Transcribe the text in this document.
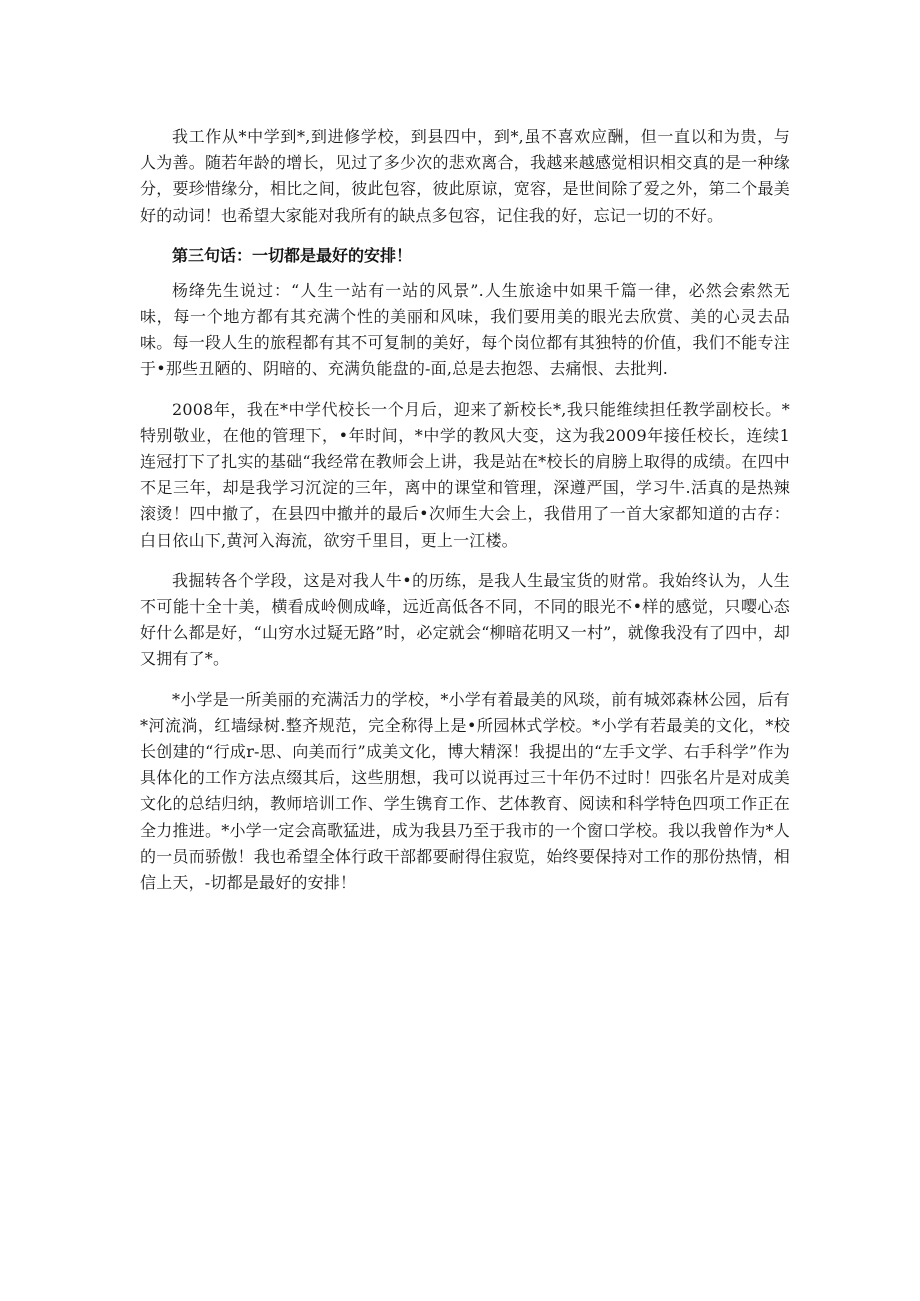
我工作从*中学到*,到进修学校，到县四中，到*,虽不喜欢应酬，但一直以和为贵，与人为善。随若年龄的增长，见过了多少次的悲欢离合，我越来越感觉相识相交真的是一种缘分，要珍惜缘分，相比之间，彼此包容，彼此原谅，宽容，是世间除了爱之外，第二个最美好的动词！也希望大家能对我所有的缺点多包容，记住我的好，忘记一切的不好。

第三句话：一切都是最好的安排！

杨绛先生说过：“人生一站有一站的风景”.人生旅途中如果千篇一律，必然会索然无味，每一个地方都有其充满个性的美丽和风味，我们要用美的眼光去欣赏、美的心灵去品味。每一段人生的旅程都有其不可复制的美好，每个岗位都有其独特的价值，我们不能专注于•那些丑陋的、阴暗的、充满负能盘的-面,总是去抱怨、去痛恨、去批判.

2008年，我在*中学代校长一个月后，迎来了新校长*,我只能维续担任教学副校长。*特别敬业，在他的管理下，•年时间，*中学的教风大变，这为我2009年接任校长，连续1连冠打下了扎实的基础“我经常在教师会上讲，我是站在*校长的肩膀上取得的成绩。在四中不足三年，却是我学习沉淀的三年，离中的课堂和管理，深遵严国，学习牛.活真的是热辣滚烫！四中撤了，在县四中撤并的最后•次师生大会上，我借用了一首大家都知道的古存：白日依山下,黄河入海流，欲穷千里目，更上一江楼。

我掘转各个学段，这是对我人牛•的历练，是我人生最宝货的财常。我始终认为，人生不可能十全十美，横看成岭侧成峰，远近高低各不同，不同的眼光不•样的感觉，只嘤心态好什么都是好，“山穷水过疑无路”时，必定就会“柳暗花明又一村”，就像我没有了四中，却又拥有了*。

*小学是一所美丽的充满活力的学校，*小学有着最美的风琰，前有城郊森林公园，后有*河流淌，红墙绿树.整齐规范，完全称得上是•所园林式学校。*小学有若最美的文化，*校长创建的“行成r-思、向美而行”成美文化，博大精深！我提出的“左手文学、右手科学”作为具体化的工作方法点缀其后，这些朋想，我可以说再过三十年仍不过时！四张名片是对成美文化的总结归纳，教师培训工作、学生镌育工作、艺体教育、阅读和科学特色四项工作正在全力推进。*小学一定会高歌猛进，成为我县乃至于我市的一个窗口学校。我以我曾作为*人的一员而骄傲！我也希望全体行政干部都要耐得住寂览，始终要保持对工作的那份热情，相信上天，-切都是最好的安排！
